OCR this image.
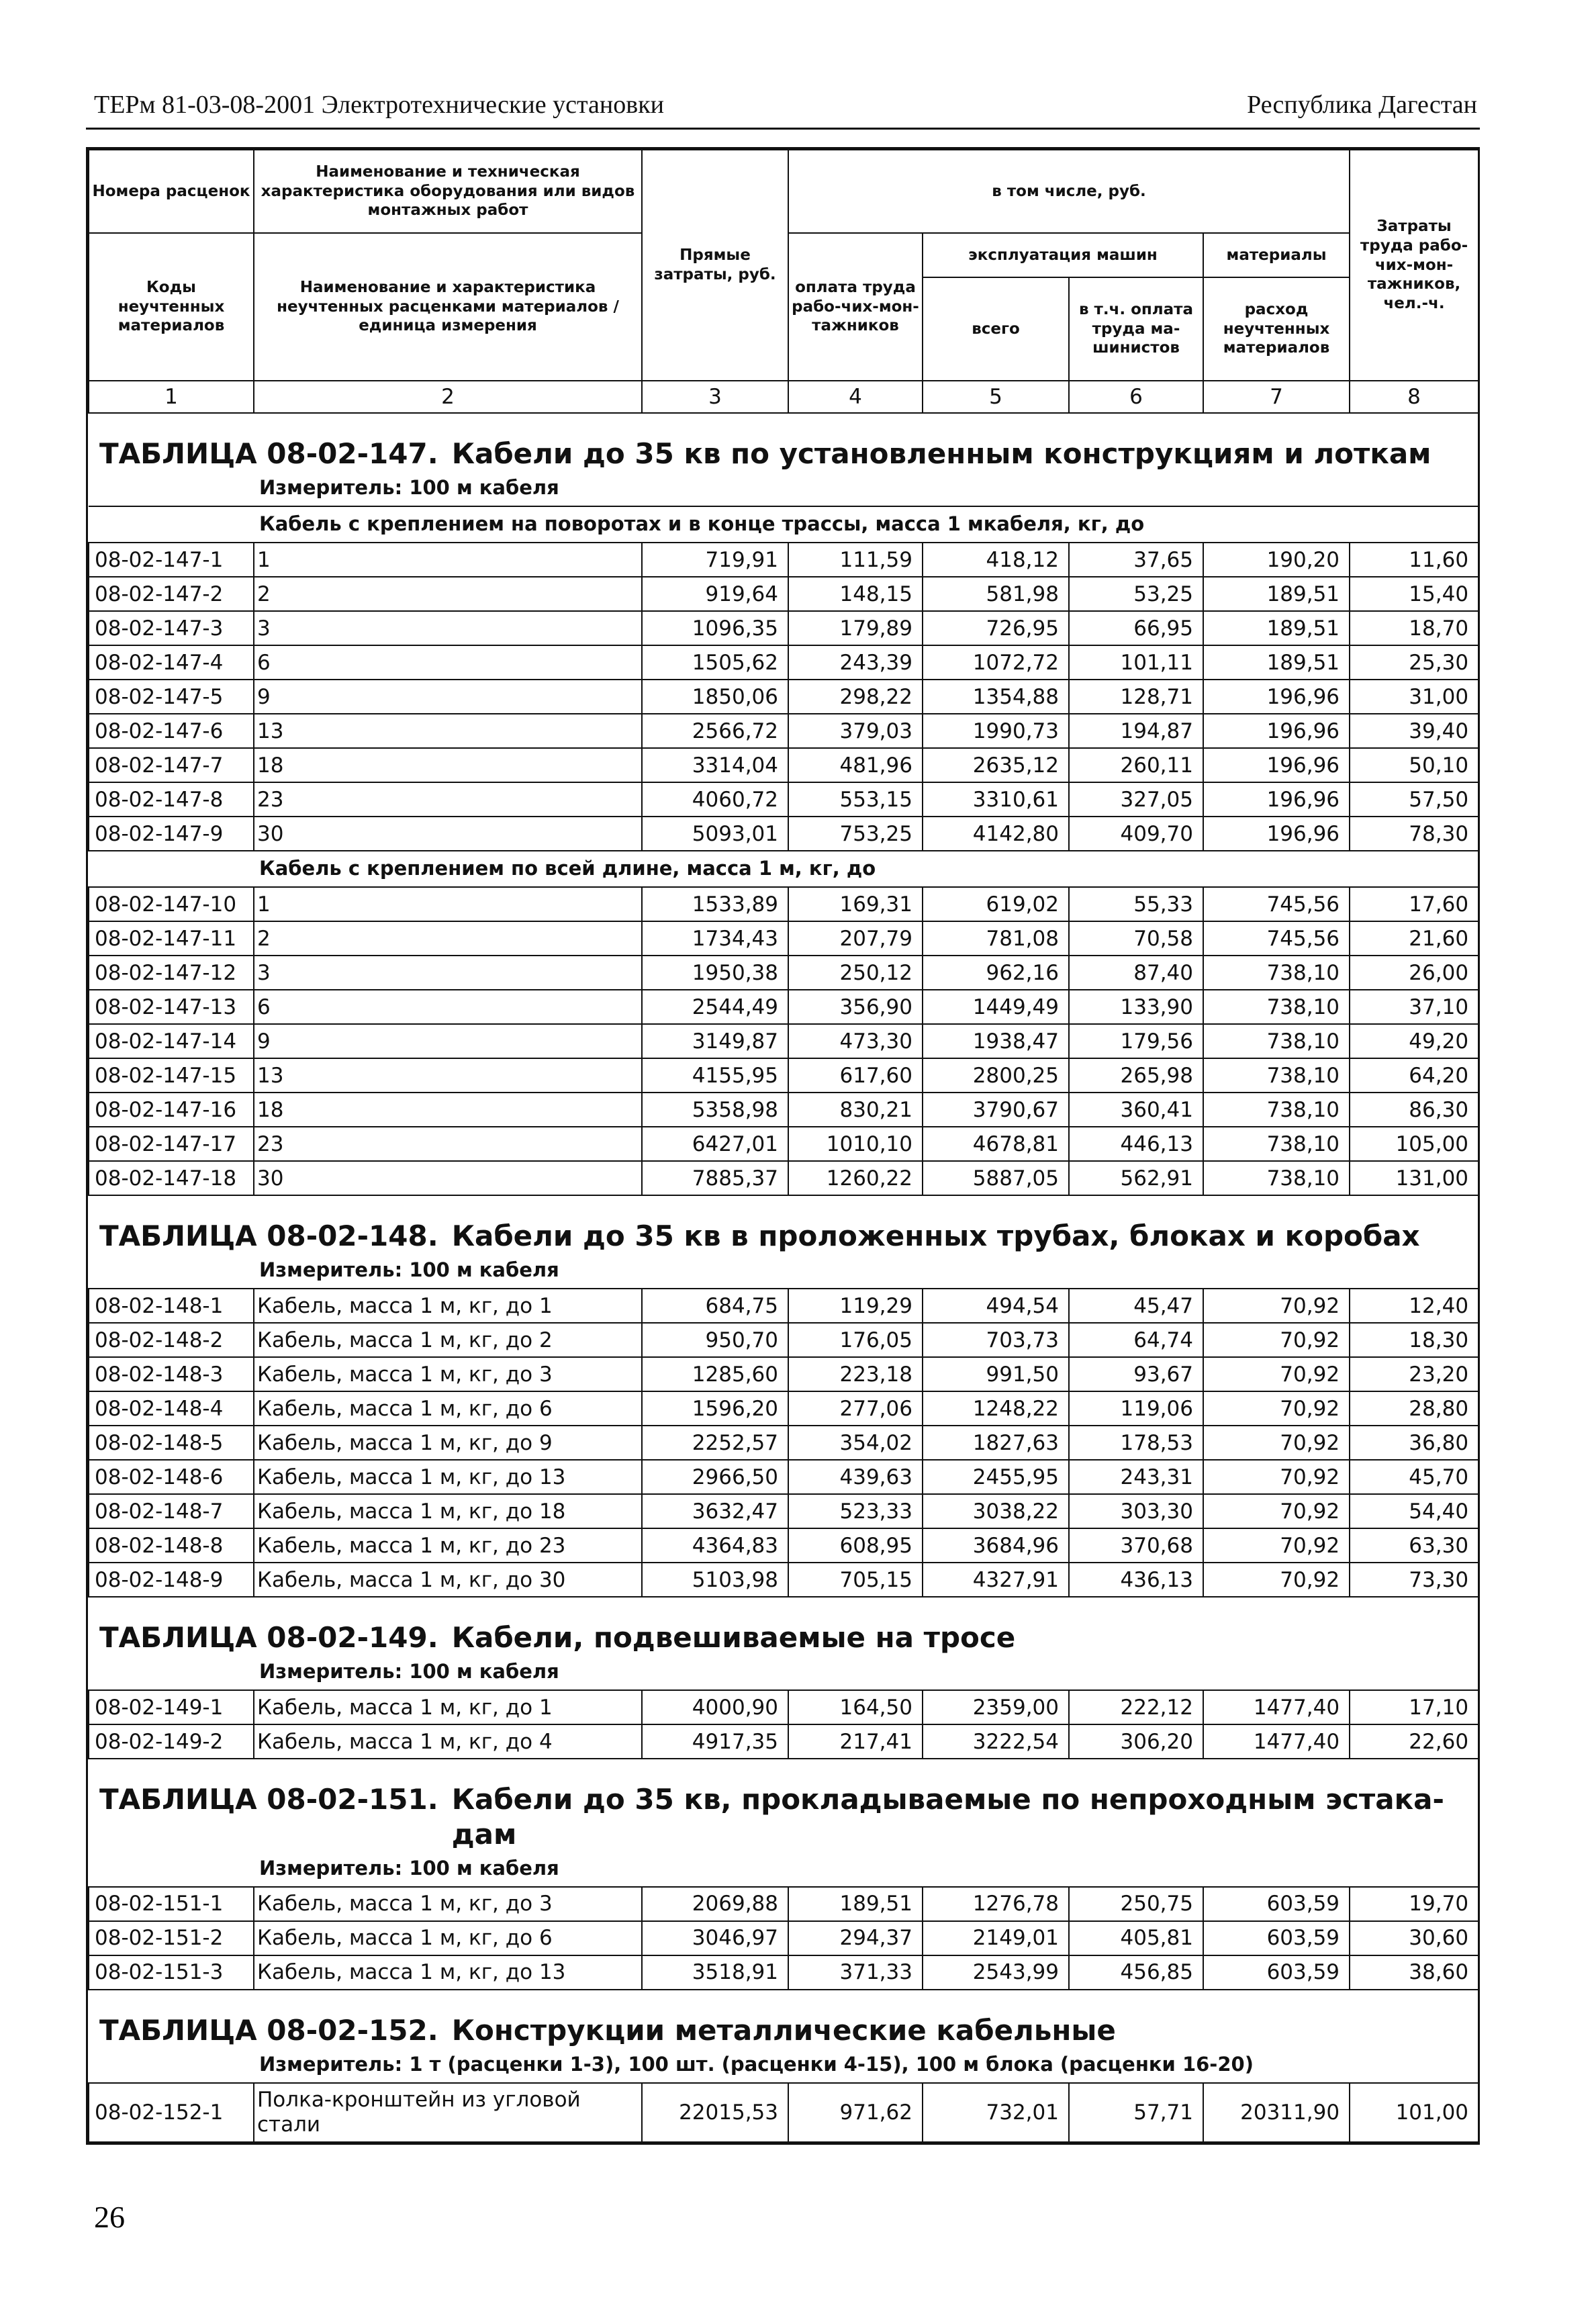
ТЕРм 81-03-08-2001 Электротехнические установки	Республика Дагестан
Номера расценок	Наименование и техническая характеристика оборудования или видов монтажных работ	Прямые затраты, руб.	в том числе, руб.				Затраты труда рабо-чих-мон-тажников, чел.-ч.
Коды неучтенных материалов	Наименование и характеристика неучтенных расценками материалов / единица измерения		оплата труда рабо-чих-мон-тажников	эксплуатация машин		материалы	
				всего	в т.ч. оплата труда ма-шинистов	расход неучтенных материалов	
1	2	3	4	5	6	7	8

ТАБЛИЦА 08-02-147. Кабели до 35 кв по установленным конструкциям и лоткам
Измеритель: 100 м кабеля							

Кабель с креплением на поворотах и в конце трассы, масса 1 мкабеля, кг, до							
08-02-147-1	1	719,91	111,59	418,12	37,65	190,20	11,60
08-02-147-2	2	919,64	148,15	581,98	53,25	189,51	15,40
08-02-147-3	3	1096,35	179,89	726,95	66,95	189,51	18,70
08-02-147-4	6	1505,62	243,39	1072,72	101,11	189,51	25,30
08-02-147-5	9	1850,06	298,22	1354,88	128,71	196,96	31,00
08-02-147-6	13	2566,72	379,03	1990,73	194,87	196,96	39,40
08-02-147-7	18	3314,04	481,96	2635,12	260,11	196,96	50,10
08-02-147-8	23	4060,72	553,15	3310,61	327,05	196,96	57,50
08-02-147-9	30	5093,01	753,25	4142,80	409,70	196,96	78,30
Кабель с креплением по всей длине, масса 1 м, кг, до							
08-02-147-10	1	1533,89	169,31	619,02	55,33	745,56	17,60
08-02-147-11	2	1734,43	207,79	781,08	70,58	745,56	21,60
08-02-147-12	3	1950,38	250,12	962,16	87,40	738,10	26,00
08-02-147-13	6	2544,49	356,90	1449,49	133,90	738,10	37,10
08-02-147-14	9	3149,87	473,30	1938,47	179,56	738,10	49,20
08-02-147-15	13	4155,95	617,60	2800,25	265,98	738,10	64,20
08-02-147-16	18	5358,98	830,21	3790,67	360,41	738,10	86,30
08-02-147-17	23	6427,01	1010,10	4678,81	446,13	738,10	105,00
08-02-147-18	30	7885,37	1260,22	5887,05	562,91	738,10	131,00

ТАБЛИЦА 08-02-148. Кабели до 35 кв в проложенных трубах, блоках и коробах
Измеритель: 100 м кабеля							

08-02-148-1	Кабель, масса 1 м, кг, до 1	684,75	119,29	494,54	45,47	70,92	12,40
08-02-148-2	Кабель, масса 1 м, кг, до 2	950,70	176,05	703,73	64,74	70,92	18,30
08-02-148-3	Кабель, масса 1 м, кг, до 3	1285,60	223,18	991,50	93,67	70,92	23,20
08-02-148-4	Кабель, масса 1 м, кг, до 6	1596,20	277,06	1248,22	119,06	70,92	28,80
08-02-148-5	Кабель, масса 1 м, кг, до 9	2252,57	354,02	1827,63	178,53	70,92	36,80
08-02-148-6	Кабель, масса 1 м, кг, до 13	2966,50	439,63	2455,95	243,31	70,92	45,70
08-02-148-7	Кабель, масса 1 м, кг, до 18	3632,47	523,33	3038,22	303,30	70,92	54,40
08-02-148-8	Кабель, масса 1 м, кг, до 23	4364,83	608,95	3684,96	370,68	70,92	63,30
08-02-148-9	Кабель, масса 1 м, кг, до 30	5103,98	705,15	4327,91	436,13	70,92	73,30

ТАБЛИЦА 08-02-149. Кабели, подвешиваемые на тросе
Измеритель: 100 м кабеля							

08-02-149-1	Кабель, масса 1 м, кг, до 1	4000,90	164,50	2359,00	222,12	1477,40	17,10
08-02-149-2	Кабель, масса 1 м, кг, до 4	4917,35	217,41	3222,54	306,20	1477,40	22,60

ТАБЛИЦА 08-02-151. Кабели до 35 кв, прокладываемые по непроходным эстака-дам
Измеритель: 100 м кабеля							

08-02-151-1	Кабель, масса 1 м, кг, до 3	2069,88	189,51	1276,78	250,75	603,59	19,70
08-02-151-2	Кабель, масса 1 м, кг, до 6	3046,97	294,37	2149,01	405,81	603,59	30,60
08-02-151-3	Кабель, масса 1 м, кг, до 13	3518,91	371,33	2543,99	456,85	603,59	38,60

ТАБЛИЦА 08-02-152. Конструкции металлические кабельные
Измеритель: 1 т (расценки 1-3), 100 шт. (расценки 4-15), 100 м блока (расценки 16-20)							

08-02-152-1	Полка-кронштейн из угловой стали	22015,53	971,62	732,01	57,71	20311,90	101,00
26
